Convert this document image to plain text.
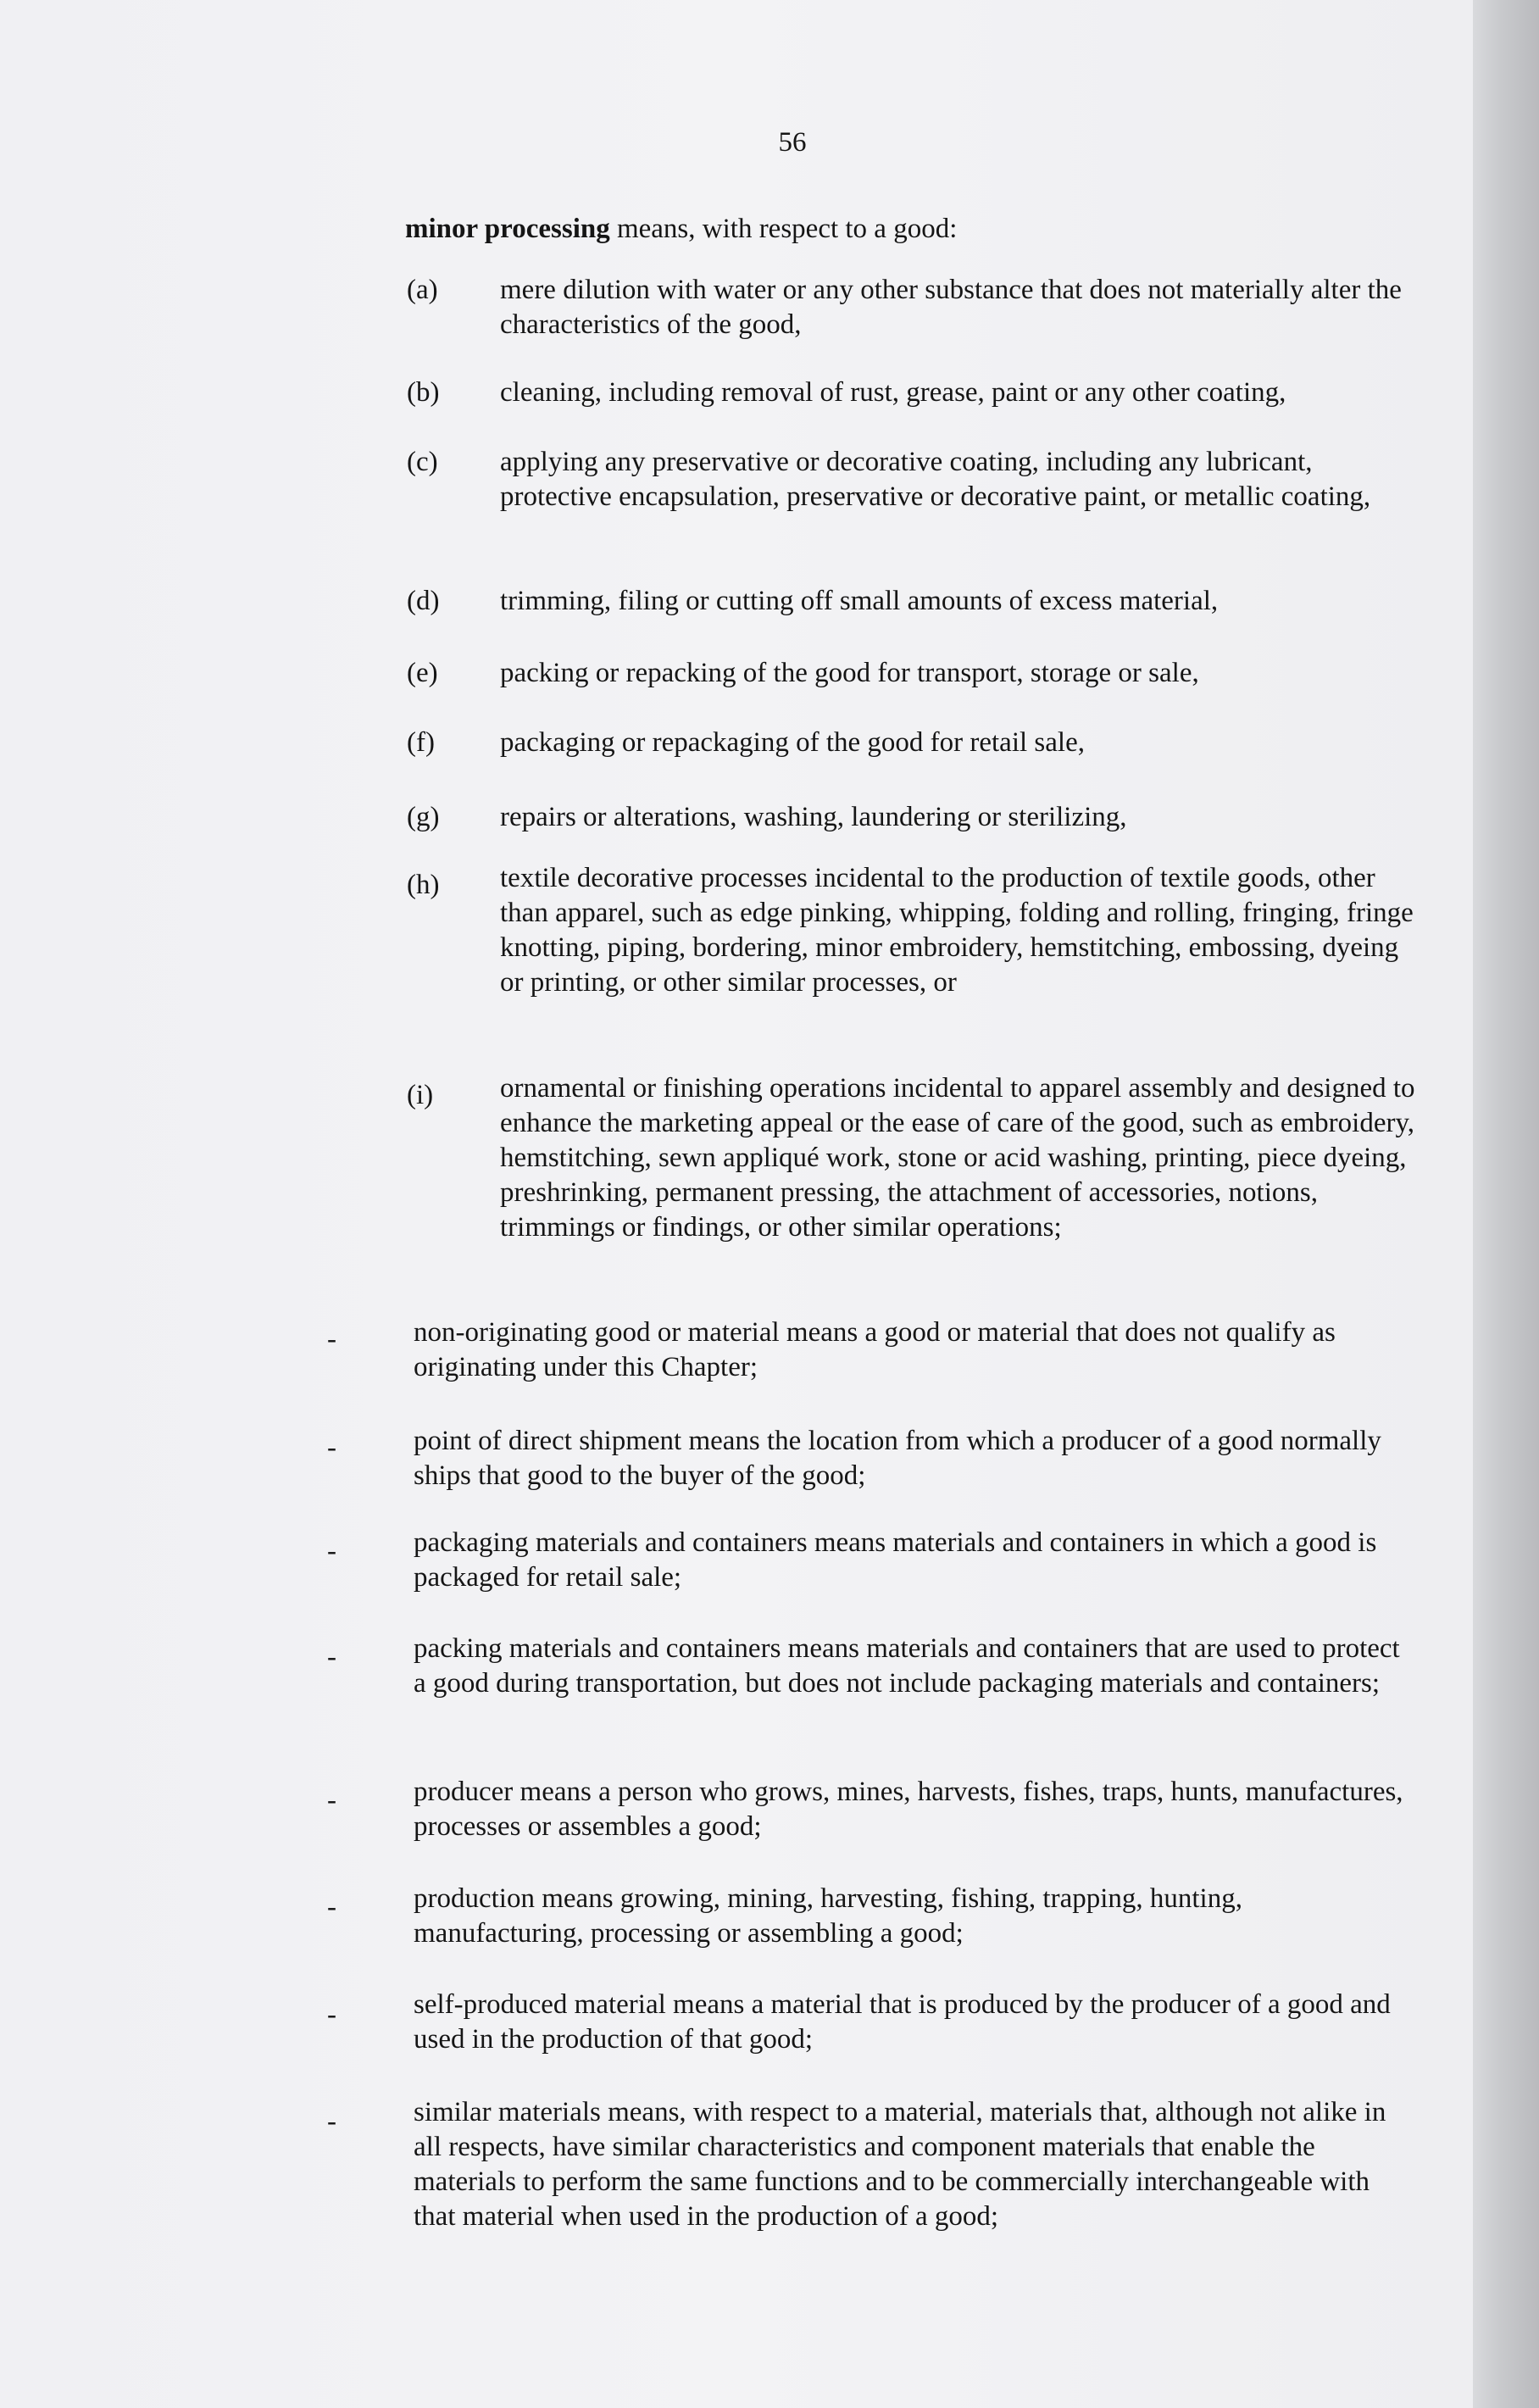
56
minor processing means, with respect to a good:
(a) mere dilution with water or any other substance that does not materially alter the characteristics of the good,
(b) cleaning, including removal of rust, grease, paint or any other coating,
(c) applying any preservative or decorative coating, including any lubricant, protective encapsulation, preservative or decorative paint, or metallic coating,
(d) trimming, filing or cutting off small amounts of excess material,
(e) packing or repacking of the good for transport, storage or sale,
(f) packaging or repackaging of the good for retail sale,
(g) repairs or alterations, washing, laundering or sterilizing,
(h) textile decorative processes incidental to the production of textile goods, other than apparel, such as edge pinking, whipping, folding and rolling, fringing, fringe knotting, piping, bordering, minor embroidery, hemstitching, embossing, dyeing or printing, or other similar processes, or
(i) ornamental or finishing operations incidental to apparel assembly and designed to enhance the marketing appeal or the ease of care of the good, such as embroidery, hemstitching, sewn appliqué work, stone or acid washing, printing, piece dyeing, preshrinking, permanent pressing, the attachment of accessories, notions, trimmings or findings, or other similar operations;
-	non-originating good or material means a good or material that does not qualify as originating under this Chapter;
-	point of direct shipment means the location from which a producer of a good normally ships that good to the buyer of the good;
-	packaging materials and containers means materials and containers in which a good is packaged for retail sale;
-	packing materials and containers means materials and containers that are used to protect a good during transportation, but does not include packaging materials and containers;
-	producer means a person who grows, mines, harvests, fishes, traps, hunts, manufactures, processes or assembles a good;
-	production means growing, mining, harvesting, fishing, trapping, hunting, manufacturing, processing or assembling a good;
-	self-produced material means a material that is produced by the producer of a good and used in the production of that good;
-	similar materials means, with respect to a material, materials that, although not alike in all respects, have similar characteristics and component materials that enable the materials to perform the same functions and to be commercially interchangeable with that material when used in the production of a good;
